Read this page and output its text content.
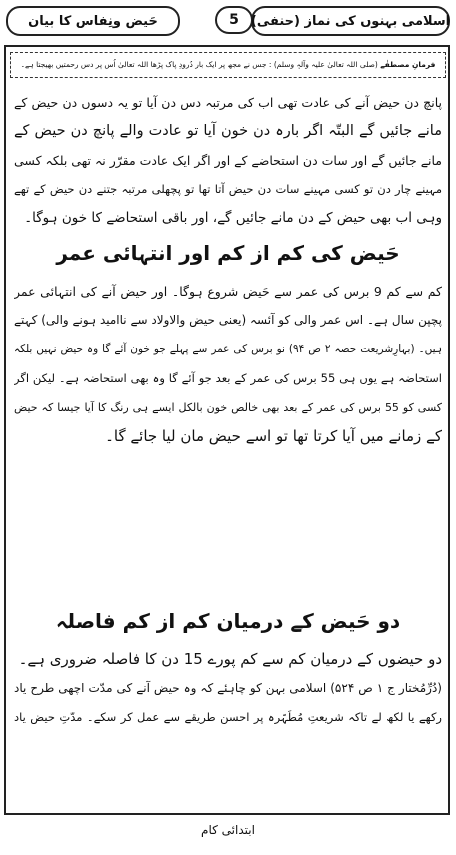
حَیض ونِفاس کا بیان	5 اسلامی بہنوں کی نماز (حنفی)
فرمانِ مصطفٰے (صلی اللہ تعالیٰ علیہ وآلہٖ وسلم) : جس نے مجھ پر ایک بار دُرودِ پاک پڑھا اللہ تعالیٰ اُس پر دس رحمتیں بھیجتا ہے۔
پانچ دن حیض آنے کی عادت تھی اب کی مرتبہ دس دن آیا تو یہ دسوں دن حیض کے
مانے جائیں گے البتّہ اگر بارہ دن خون آیا تو عادت والے پانچ دن حیض کے
مانے جائیں گے اور سات دن استحاضے کے اور اگر ایک عادت مقرّر نہ تھی بلکہ کسی
مہینے چار دن تو کسی مہینے سات دن حیض آتا تھا تو پچھلی مرتبہ جتنے دن حیض کے تھے
وہی اب بھی حیض کے دن مانے جائیں گے، اور باقی استحاضے کا خون ہوگا۔
حَیض کی کم از کم اور انتہائی عمر
کم سے کم 9 برس کی عمر سے حَیض شروع ہوگا۔ اور حیض آنے کی انتہائی عمر
پچپن سال ہے۔ اس عمر والی کو آئسہ (یعنی حیض والاولاد سے ناامید ہونے والی) کہتے
ہیں۔ (بہارِشریعت حصہ ۲ ص ۹۴) نو برس کی عمر سے پہلے جو خون آئے گا وہ حیض نہیں بلکہ
استحاضہ ہے یوں ہی 55 برس کی عمر کے بعد جو آئے گا وہ بھی استحاضہ ہے۔ لیکن اگر
کسی کو 55 برس کی عمر کے بعد بھی خالص خون بالکل ایسے ہی رنگ کا آیا جیسا کہ حیض
کے زمانے میں آیا کرتا تھا تو اسے حیض مان لیا جائے گا۔
دو حَیض کے درمیان کم از کم فاصلہ
دو حیضوں کے درمیان کم سے کم پورے 15 دن کا فاصلہ ضروری ہے۔
(دُرِّمُختار ج ۱ ص ۵۲۴) اسلامی بہن کو چاہئے کہ وہ حیض آنے کی مدّت اچھی طرح یاد
رکھے یا لکھ لے تاکہ شریعتِ مُطَہّرہ پر احسن طریقے سے عمل کر سکے۔ مدّتِ حیض یاد
ابتدائی کام
